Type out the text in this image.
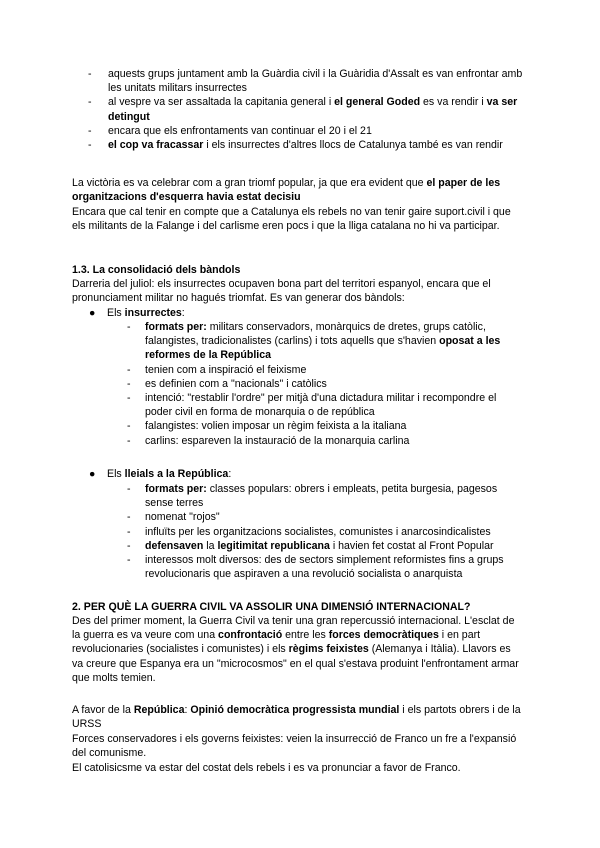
- aquests grups juntament amb la Guàrdia civil i la Guàridia d'Assalt es van enfrontar amb les unitats militars insurrectes

- al vespre va ser assaltada la capitania general i el general Goded es va rendir i va ser detingut

- encara que els enfrontaments van continuar el 20 i el 21

- el cop va fracassar i els insurrectes d'altres llocs de Catalunya també es van rendir

La victòria es va celebrar com a gran triomf popular, ja que era evident que el paper de les organitzacions d'esquerra havia estat decisiu

Encara que cal tenir en compte que a Catalunya els rebels no van tenir gaire suport.civil i que els militants de la Falange i del carlisme eren pocs i que la lliga catalana no hi va participar.

1.3. La consolidació dels bàndols

Darreria del juliol: els insurrectes ocupaven bona part del territori espanyol, encara que el pronunciament militar no hagués triomfat. Es van generar dos bàndols:

● Els insurrectes:

- formats per: militars conservadors, monàrquics de dretes, grups catòlic, falangistes, tradicionalistes (carlins) i tots aquells que s'havien oposat a les reformes de la República

- tenien com a inspiració el feixisme

- es definien com a "nacionals" i catòlics

- intenció: "restablir l'ordre" per mitjà d'una dictadura militar i recompondre el poder civil en forma de monarquia o de república

- falangistes: volien imposar un règim feixista a la italiana

- carlins: espareven la instauració de la monarquia carlina

● Els lleials a la República:

- formats per: classes populars: obrers i empleats, petita burgesia, pagesos sense terres

- nomenat "rojos"

- influïts per les organitzacions socialistes, comunistes i anarcosindicalistes

- defensaven la legitimitat republicana i havien fet costat al Front Popular

- interessos molt diversos: des de sectors simplement reformistes fins a grups revolucionaris que aspiraven a una revolució socialista o anarquista

2. PER QUÈ LA GUERRA CIVIL VA ASSOLIR UNA DIMENSIÓ INTERNACIONAL?

Des del primer moment, la Guerra Civil va tenir una gran repercussió internacional. L'esclat de la guerra es va veure com una confrontació entre les forces democràtiques i en part revolucionaries (socialistes i comunistes) i els règims feixistes (Alemanya i Itàlia). Llavors es va creure que Espanya era un "microcosmos" en el qual s'estava produint l'enfrontament armar que molts temien.

A favor de la República: Opinió democràtica progressista mundial i els partots obrers i de la URSS

Forces conservadores i els governs feixistes: veien la insurrecció de Franco un fre a l'expansió del comunisme.

El catolisicsme va estar del costat dels rebels i es va pronunciar a favor de Franco.
